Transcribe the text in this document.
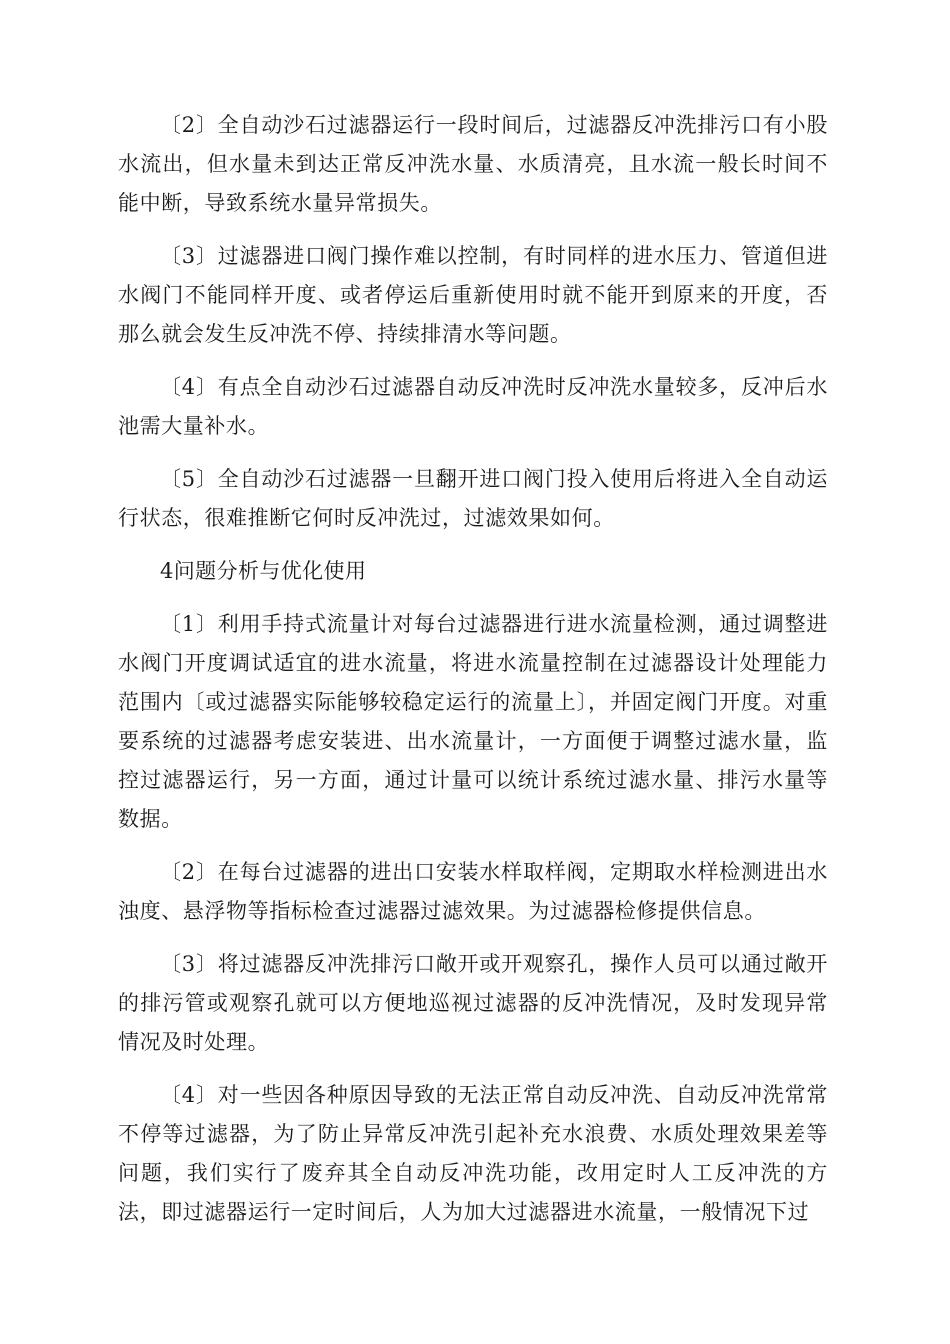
〔2〕全自动沙石过滤器运行一段时间后，过滤器反冲洗排污口有小股水流出，但水量未到达正常反冲洗水量、水质清亮，且水流一般长时间不能中断，导致系统水量异常损失。

〔3〕过滤器进口阀门操作难以控制，有时同样的进水压力、管道但进水阀门不能同样开度、或者停运后重新使用时就不能开到原来的开度，否那么就会发生反冲洗不停、持续排清水等问题。

〔4〕有点全自动沙石过滤器自动反冲洗时反冲洗水量较多，反冲后水池需大量补水。

〔5〕全自动沙石过滤器一旦翻开进口阀门投入使用后将进入全自动运行状态，很难推断它何时反冲洗过，过滤效果如何。

4问题分析与优化使用

〔1〕利用手持式流量计对每台过滤器进行进水流量检测，通过调整进水阀门开度调试适宜的进水流量，将进水流量控制在过滤器设计处理能力范围内〔或过滤器实际能够较稳定运行的流量上〕，并固定阀门开度。对重要系统的过滤器考虑安装进、出水流量计，一方面便于调整过滤水量，监控过滤器运行，另一方面，通过计量可以统计系统过滤水量、排污水量等数据。

〔2〕在每台过滤器的进出口安装水样取样阀，定期取水样检测进出水浊度、悬浮物等指标检查过滤器过滤效果。为过滤器检修提供信息。

〔3〕将过滤器反冲洗排污口敞开或开观察孔，操作人员可以通过敞开的排污管或观察孔就可以方便地巡视过滤器的反冲洗情况，及时发现异常情况及时处理。

〔4〕对一些因各种原因导致的无法正常自动反冲洗、自动反冲洗常常不停等过滤器，为了防止异常反冲洗引起补充水浪费、水质处理效果差等问题，我们实行了废弃其全自动反冲洗功能，改用定时人工反冲洗的方法，即过滤器运行一定时间后，人为加大过滤器进水流量，一般情况下过
